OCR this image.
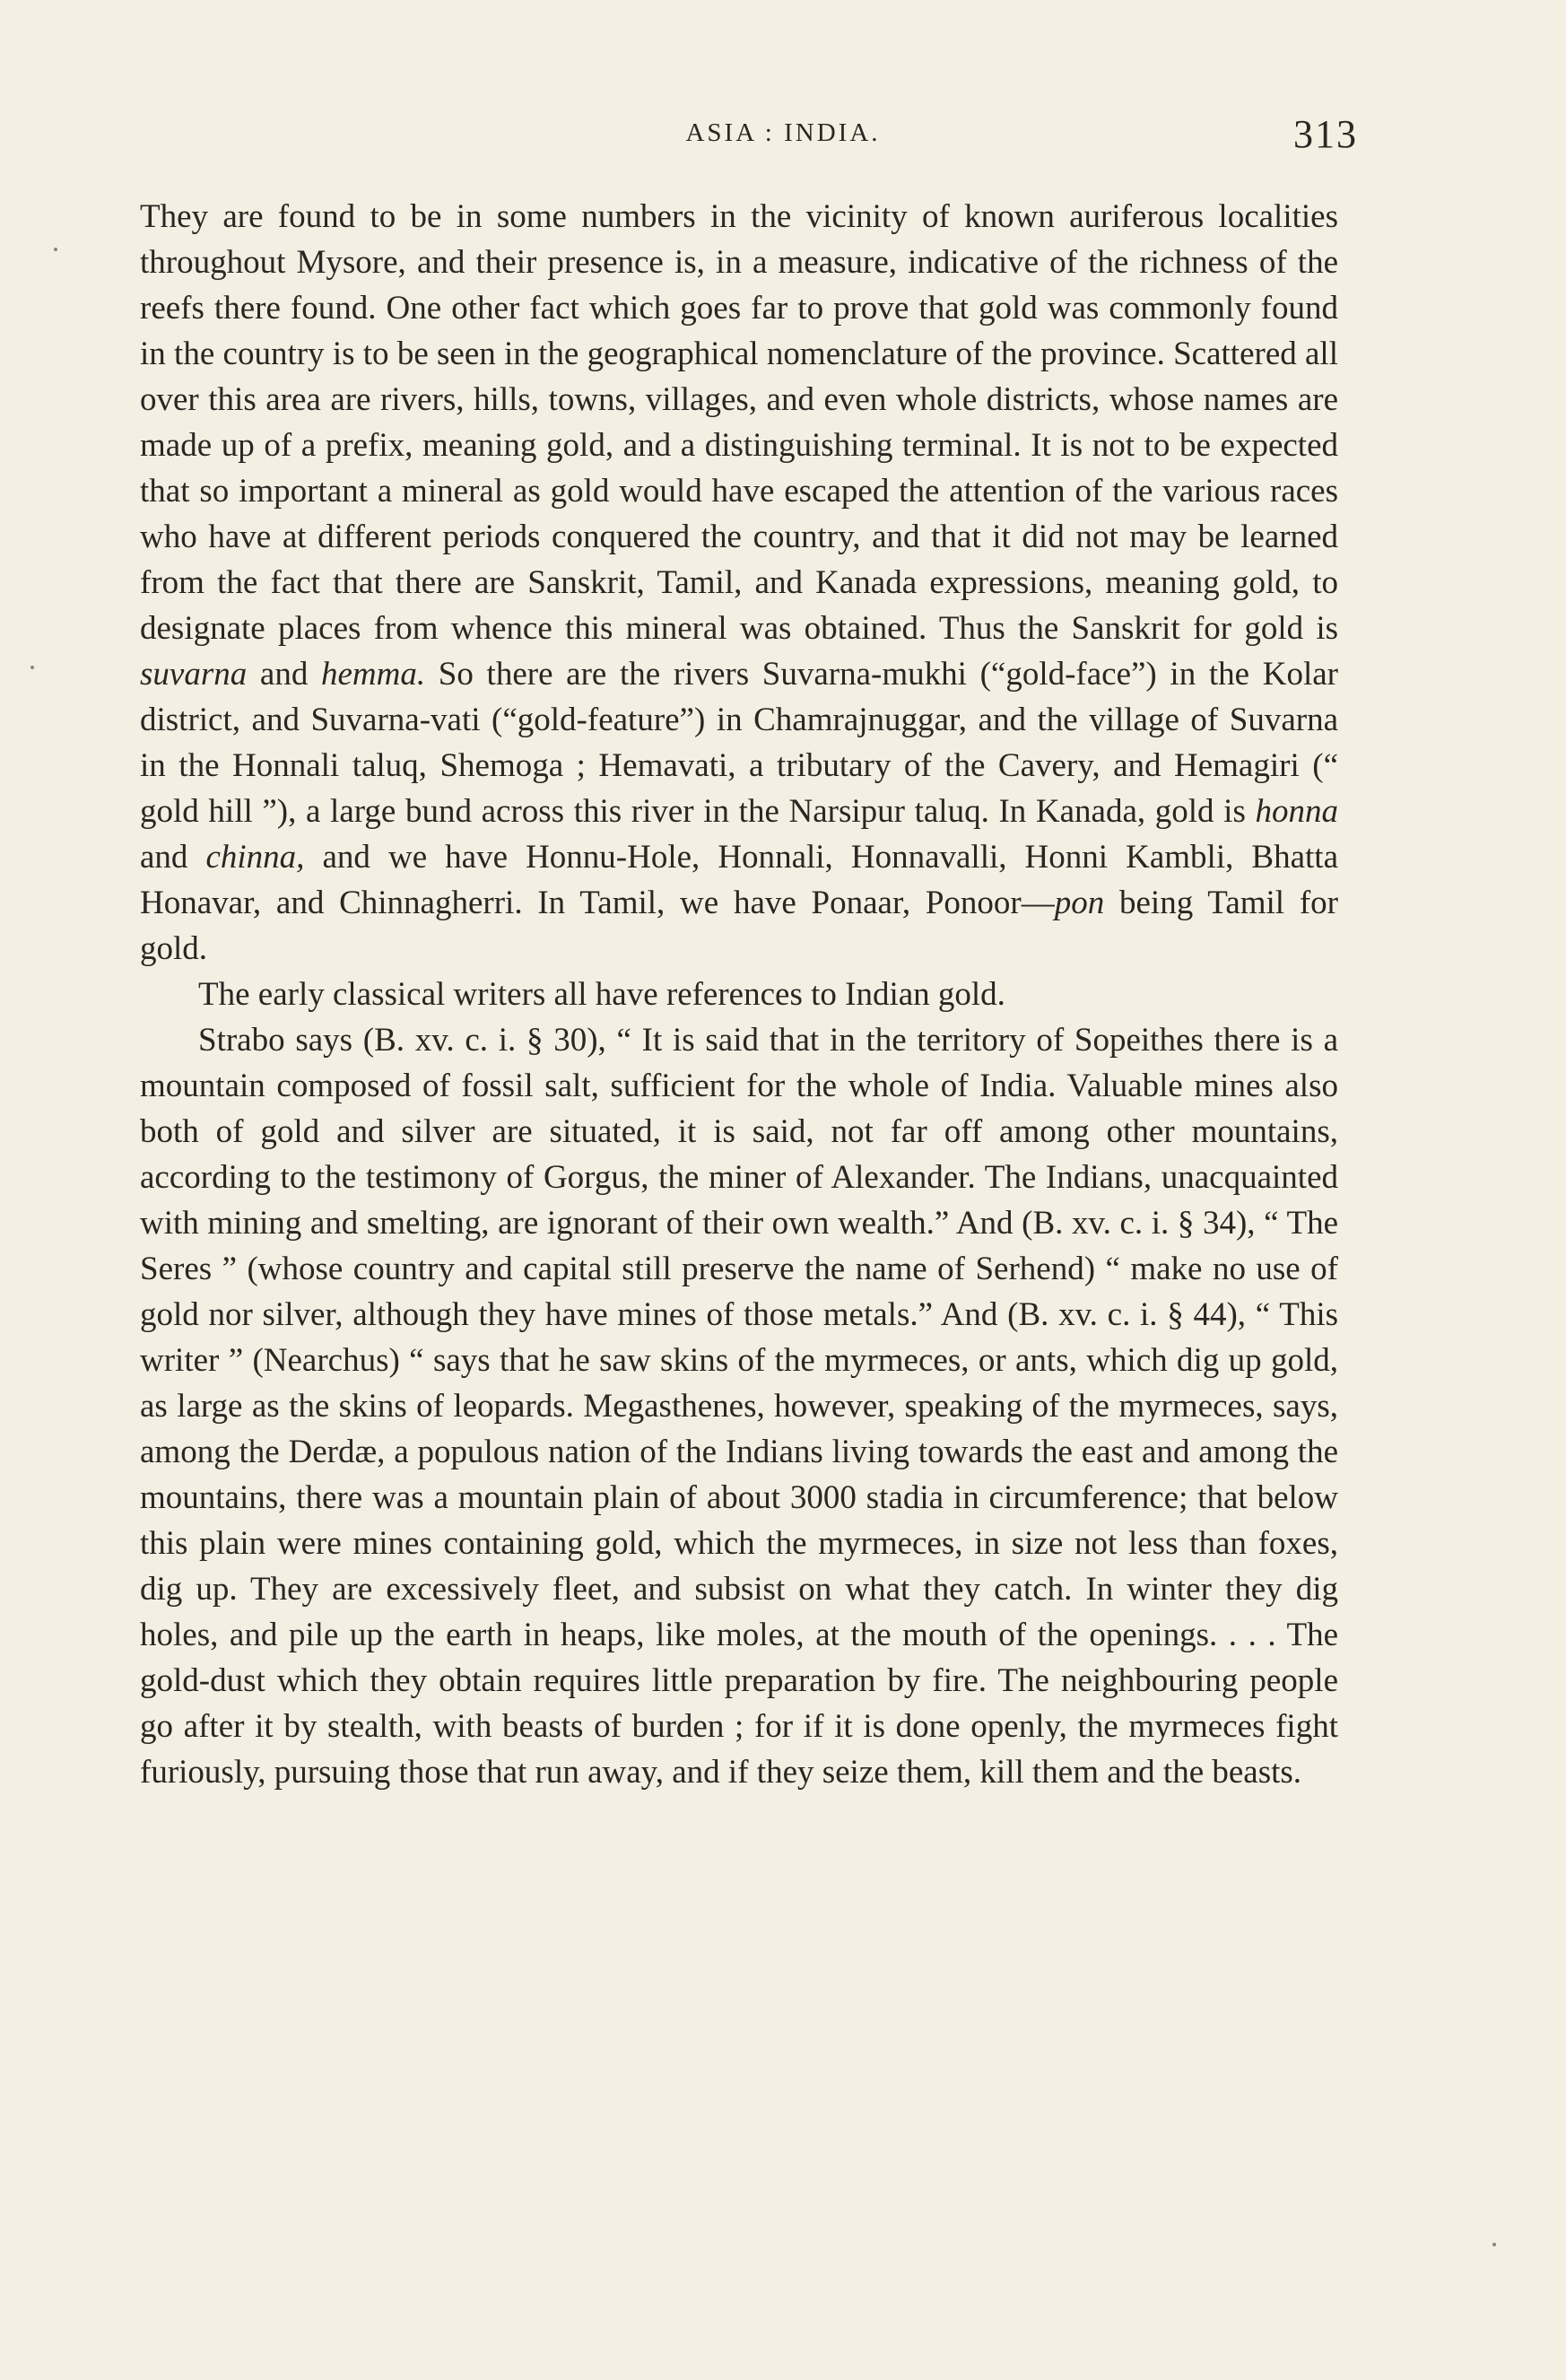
ASIA : INDIA.	313

They are found to be in some numbers in the vicinity of known auriferous localities throughout Mysore, and their presence is, in a measure, indicative of the richness of the reefs there found. One other fact which goes far to prove that gold was commonly found in the country is to be seen in the geographical nomenclature of the province. Scattered all over this area are rivers, hills, towns, villages, and even whole districts, whose names are made up of a prefix, meaning gold, and a distinguishing terminal. It is not to be expected that so important a mineral as gold would have escaped the attention of the various races who have at different periods conquered the country, and that it did not may be learned from the fact that there are Sanskrit, Tamil, and Kanada expressions, meaning gold, to designate places from whence this mineral was obtained. Thus the Sanskrit for gold is suvarna and hemma. So there are the rivers Suvarna-mukhi (“gold-face”) in the Kolar district, and Suvarna-vati (“gold-feature”) in Chamrajnuggar, and the village of Suvarna in the Honnali taluq, Shemoga ; Hemavati, a tributary of the Cavery, and Hemagiri (“ gold hill ”), a large bund across this river in the Narsipur taluq. In Kanada, gold is honna and chinna, and we have Honnu-Hole, Honnali, Honnavalli, Honni Kambli, Bhatta Honavar, and Chinnagherri. In Tamil, we have Ponaar, Ponoor—pon being Tamil for gold.

The early classical writers all have references to Indian gold.

Strabo says (B. xv. c. i. § 30), “ It is said that in the territory of Sopeithes there is a mountain composed of fossil salt, sufficient for the whole of India. Valuable mines also both of gold and silver are situated, it is said, not far off among other mountains, according to the testimony of Gorgus, the miner of Alexander. The Indians, unacquainted with mining and smelting, are ignorant of their own wealth.” And (B. xv. c. i. § 34), “ The Seres ” (whose country and capital still preserve the name of Serhend) “ make no use of gold nor silver, although they have mines of those metals.” And (B. xv. c. i. § 44), “ This writer ” (Nearchus) “ says that he saw skins of the myrmeces, or ants, which dig up gold, as large as the skins of leopards. Megasthenes, however, speaking of the myrmeces, says, among the Derdæ, a populous nation of the Indians living towards the east and among the mountains, there was a mountain plain of about 3000 stadia in circumference; that below this plain were mines containing gold, which the myrmeces, in size not less than foxes, dig up. They are excessively fleet, and subsist on what they catch. In winter they dig holes, and pile up the earth in heaps, like moles, at the mouth of the openings. . . . The gold-dust which they obtain requires little preparation by fire. The neighbouring people go after it by stealth, with beasts of burden ; for if it is done openly, the myrmeces fight furiously, pursuing those that run away, and if they seize them, kill them and the beasts.
